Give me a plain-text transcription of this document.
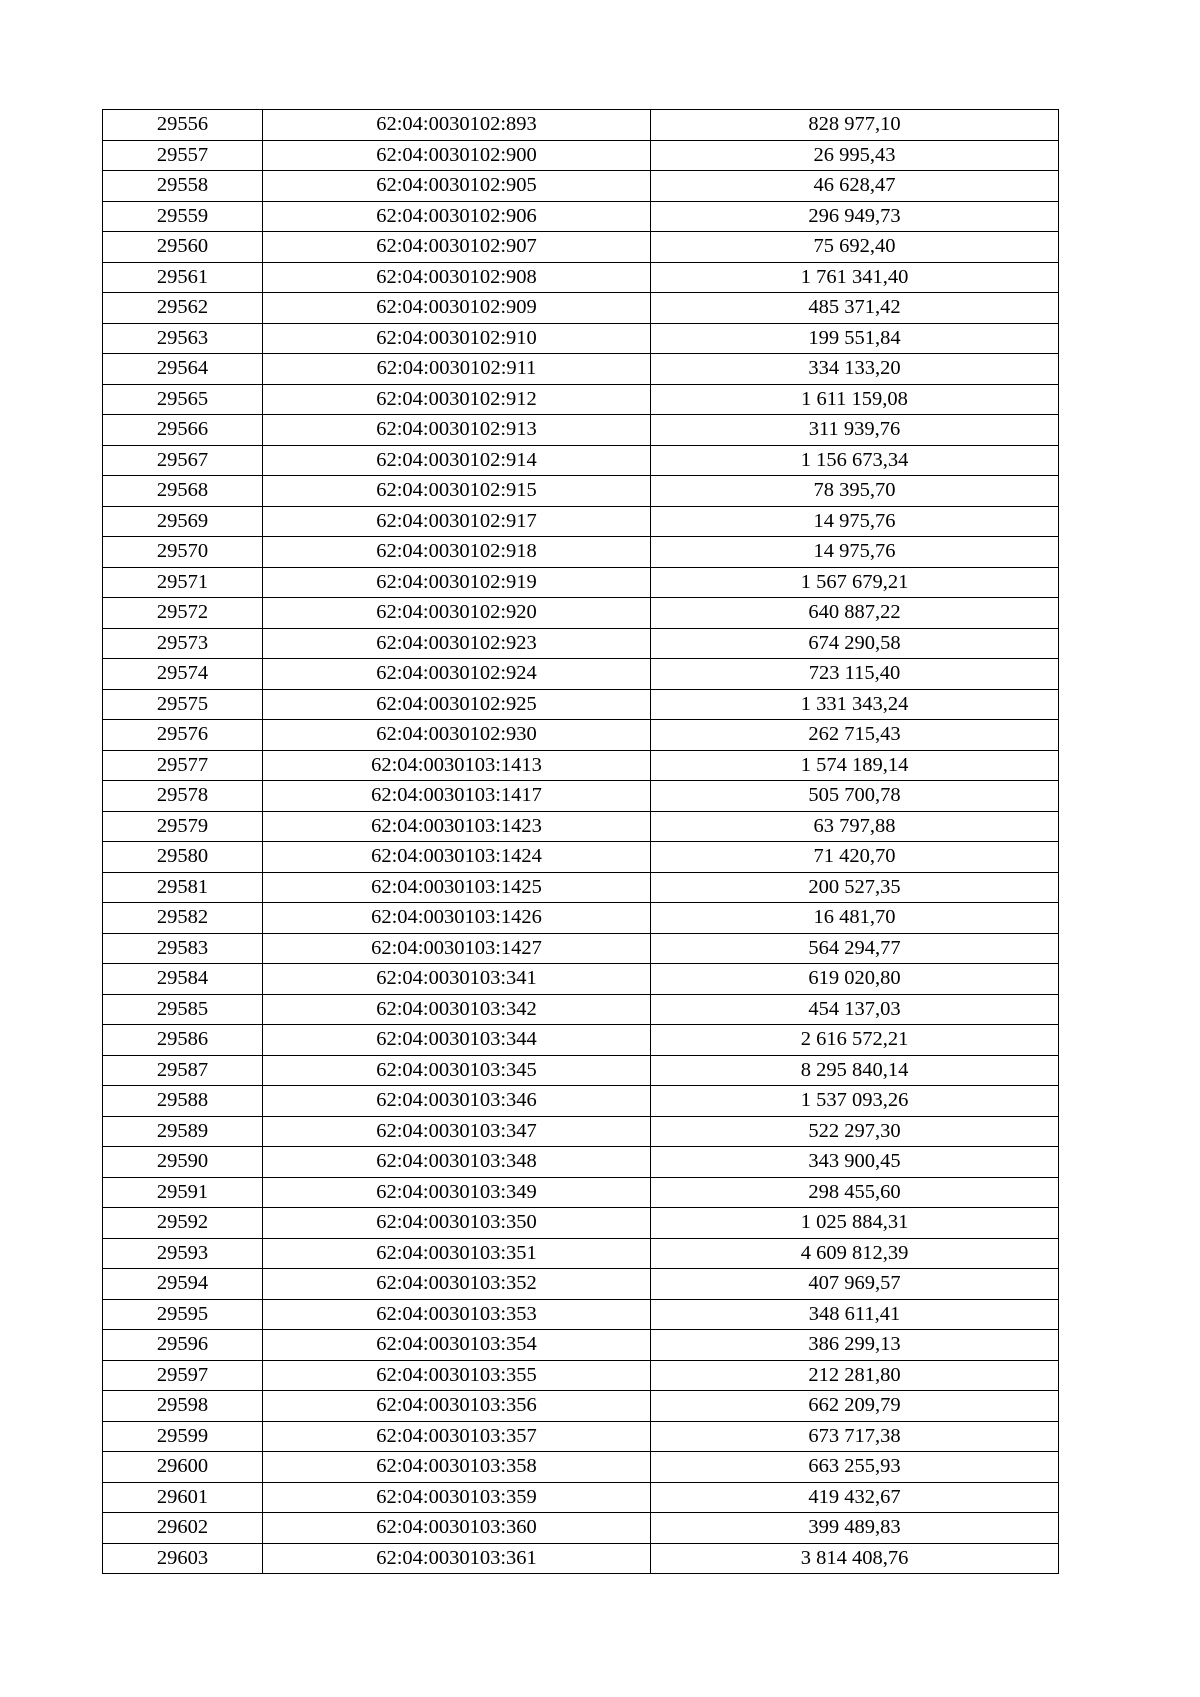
29556	62:04:0030102:893	828 977,10
29557	62:04:0030102:900	26 995,43
29558	62:04:0030102:905	46 628,47
29559	62:04:0030102:906	296 949,73
29560	62:04:0030102:907	75 692,40
29561	62:04:0030102:908	1 761 341,40
29562	62:04:0030102:909	485 371,42
29563	62:04:0030102:910	199 551,84
29564	62:04:0030102:911	334 133,20
29565	62:04:0030102:912	1 611 159,08
29566	62:04:0030102:913	311 939,76
29567	62:04:0030102:914	1 156 673,34
29568	62:04:0030102:915	78 395,70
29569	62:04:0030102:917	14 975,76
29570	62:04:0030102:918	14 975,76
29571	62:04:0030102:919	1 567 679,21
29572	62:04:0030102:920	640 887,22
29573	62:04:0030102:923	674 290,58
29574	62:04:0030102:924	723 115,40
29575	62:04:0030102:925	1 331 343,24
29576	62:04:0030102:930	262 715,43
29577	62:04:0030103:1413	1 574 189,14
29578	62:04:0030103:1417	505 700,78
29579	62:04:0030103:1423	63 797,88
29580	62:04:0030103:1424	71 420,70
29581	62:04:0030103:1425	200 527,35
29582	62:04:0030103:1426	16 481,70
29583	62:04:0030103:1427	564 294,77
29584	62:04:0030103:341	619 020,80
29585	62:04:0030103:342	454 137,03
29586	62:04:0030103:344	2 616 572,21
29587	62:04:0030103:345	8 295 840,14
29588	62:04:0030103:346	1 537 093,26
29589	62:04:0030103:347	522 297,30
29590	62:04:0030103:348	343 900,45
29591	62:04:0030103:349	298 455,60
29592	62:04:0030103:350	1 025 884,31
29593	62:04:0030103:351	4 609 812,39
29594	62:04:0030103:352	407 969,57
29595	62:04:0030103:353	348 611,41
29596	62:04:0030103:354	386 299,13
29597	62:04:0030103:355	212 281,80
29598	62:04:0030103:356	662 209,79
29599	62:04:0030103:357	673 717,38
29600	62:04:0030103:358	663 255,93
29601	62:04:0030103:359	419 432,67
29602	62:04:0030103:360	399 489,83
29603	62:04:0030103:361	3 814 408,76
